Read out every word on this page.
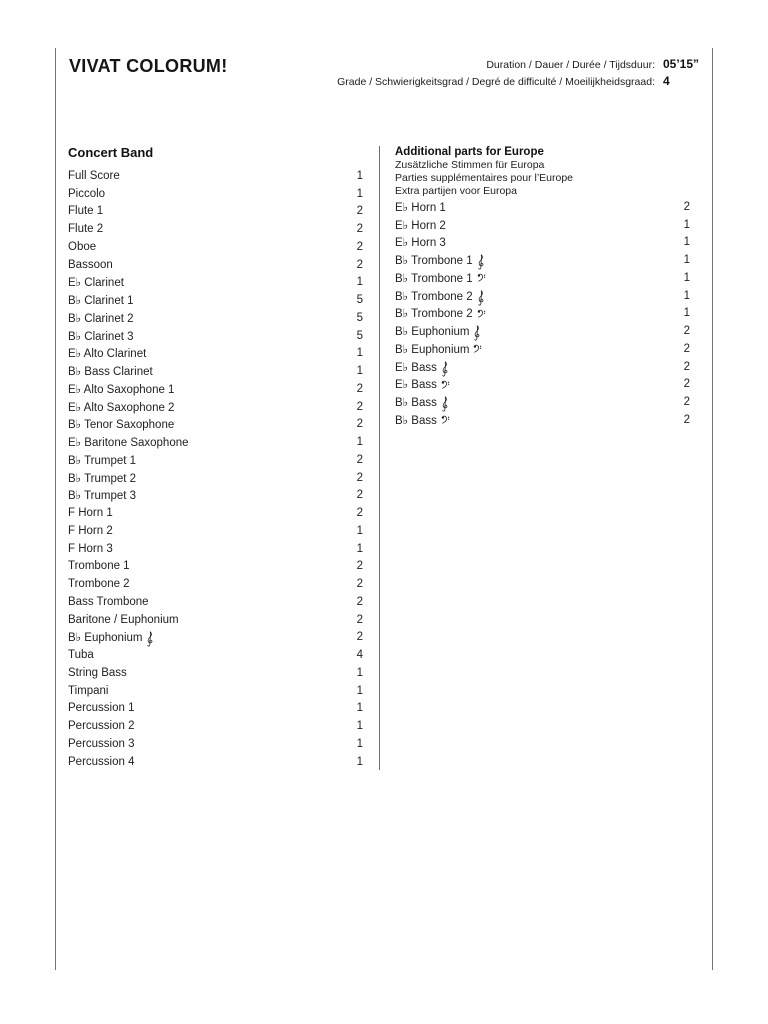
VIVAT COLORUM!	Duration / Dauer / Durée / Tijdsduur: 05’15”
Grade / Schwierigkeitsgrad / Degré de difficulté / Moeilijkheidsgraad: 4
Concert Band
Full Score	1
Piccolo	1
Flute 1	2
Flute 2	2
Oboe	2
Bassoon	2
E♭ Clarinet	1
B♭ Clarinet 1	5
B♭ Clarinet 2	5
B♭ Clarinet 3	5
E♭ Alto Clarinet	1
B♭ Bass Clarinet	1
E♭ Alto Saxophone 1	2
E♭ Alto Saxophone 2	2
B♭ Tenor Saxophone	2
E♭ Baritone Saxophone	1
B♭ Trumpet 1	2
B♭ Trumpet 2	2
B♭ Trumpet 3	2
F Horn 1	2
F Horn 2	1
F Horn 3	1
Trombone 1	2
Trombone 2	2
Bass Trombone	2
Baritone / Euphonium	2
B♭ Euphonium	2
Tuba	4
String Bass	1
Timpani	1
Percussion 1	1
Percussion 2	1
Percussion 3	1
Percussion 4	1
Additional parts for Europe
Zusätzliche Stimmen für Europa
Parties supplémentaires pour l’Europe
Extra partijen voor Europa
E♭ Horn 1	2
E♭ Horn 2	1
E♭ Horn 3	1
B♭ Trombone 1	1
B♭ Trombone 1	1
B♭ Trombone 2	1
B♭ Trombone 2	1
B♭ Euphonium	2
B♭ Euphonium	2
E♭ Bass	2
E♭ Bass	2
B♭ Bass	2
B♭ Bass	2
